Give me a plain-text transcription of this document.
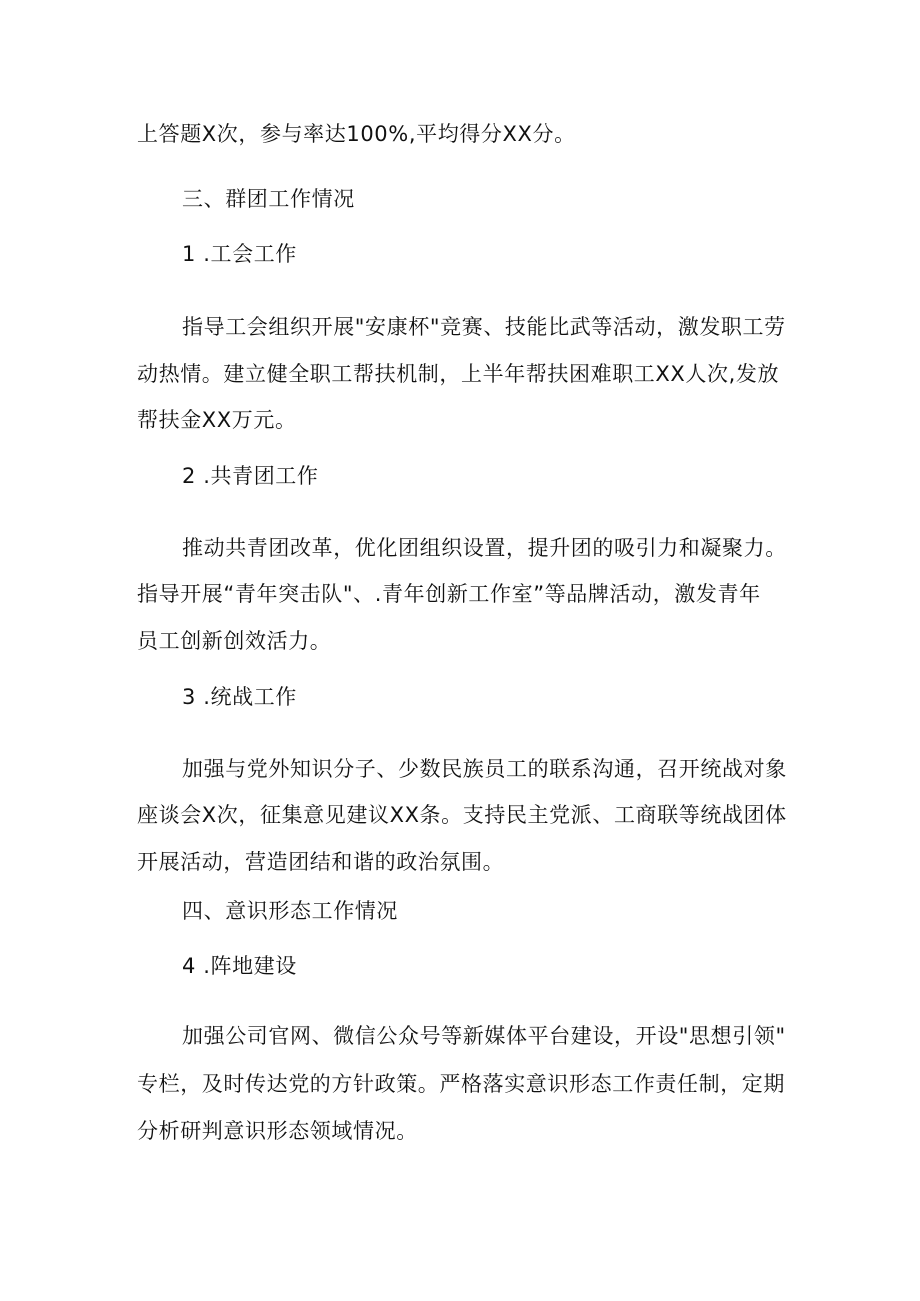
上答题X次，参与率达100%,平均得分XX分。
三、群团工作情况
1 .工会工作
指导工会组织开展"安康杯"竞赛、技能比武等活动，激发职工劳
动热情。建立健全职工帮扶机制，上半年帮扶困难职工XX人次,发放
帮扶金XX万元。
2 .共青团工作
推动共青团改革，优化团组织设置，提升团的吸引力和凝聚力。
指导开展“青年突击队"、.青年创新工作室”等品牌活动，激发青年
员工创新创效活力。
3 .统战工作
加强与党外知识分子、少数民族员工的联系沟通，召开统战对象
座谈会X次，征集意见建议XX条。支持民主党派、工商联等统战团体
开展活动，营造团结和谐的政治氛围。
四、意识形态工作情况
4 .阵地建设
加强公司官网、微信公众号等新媒体平台建设，开设"思想引领"
专栏，及时传达党的方针政策。严格落实意识形态工作责任制，定期
分析研判意识形态领域情况。
